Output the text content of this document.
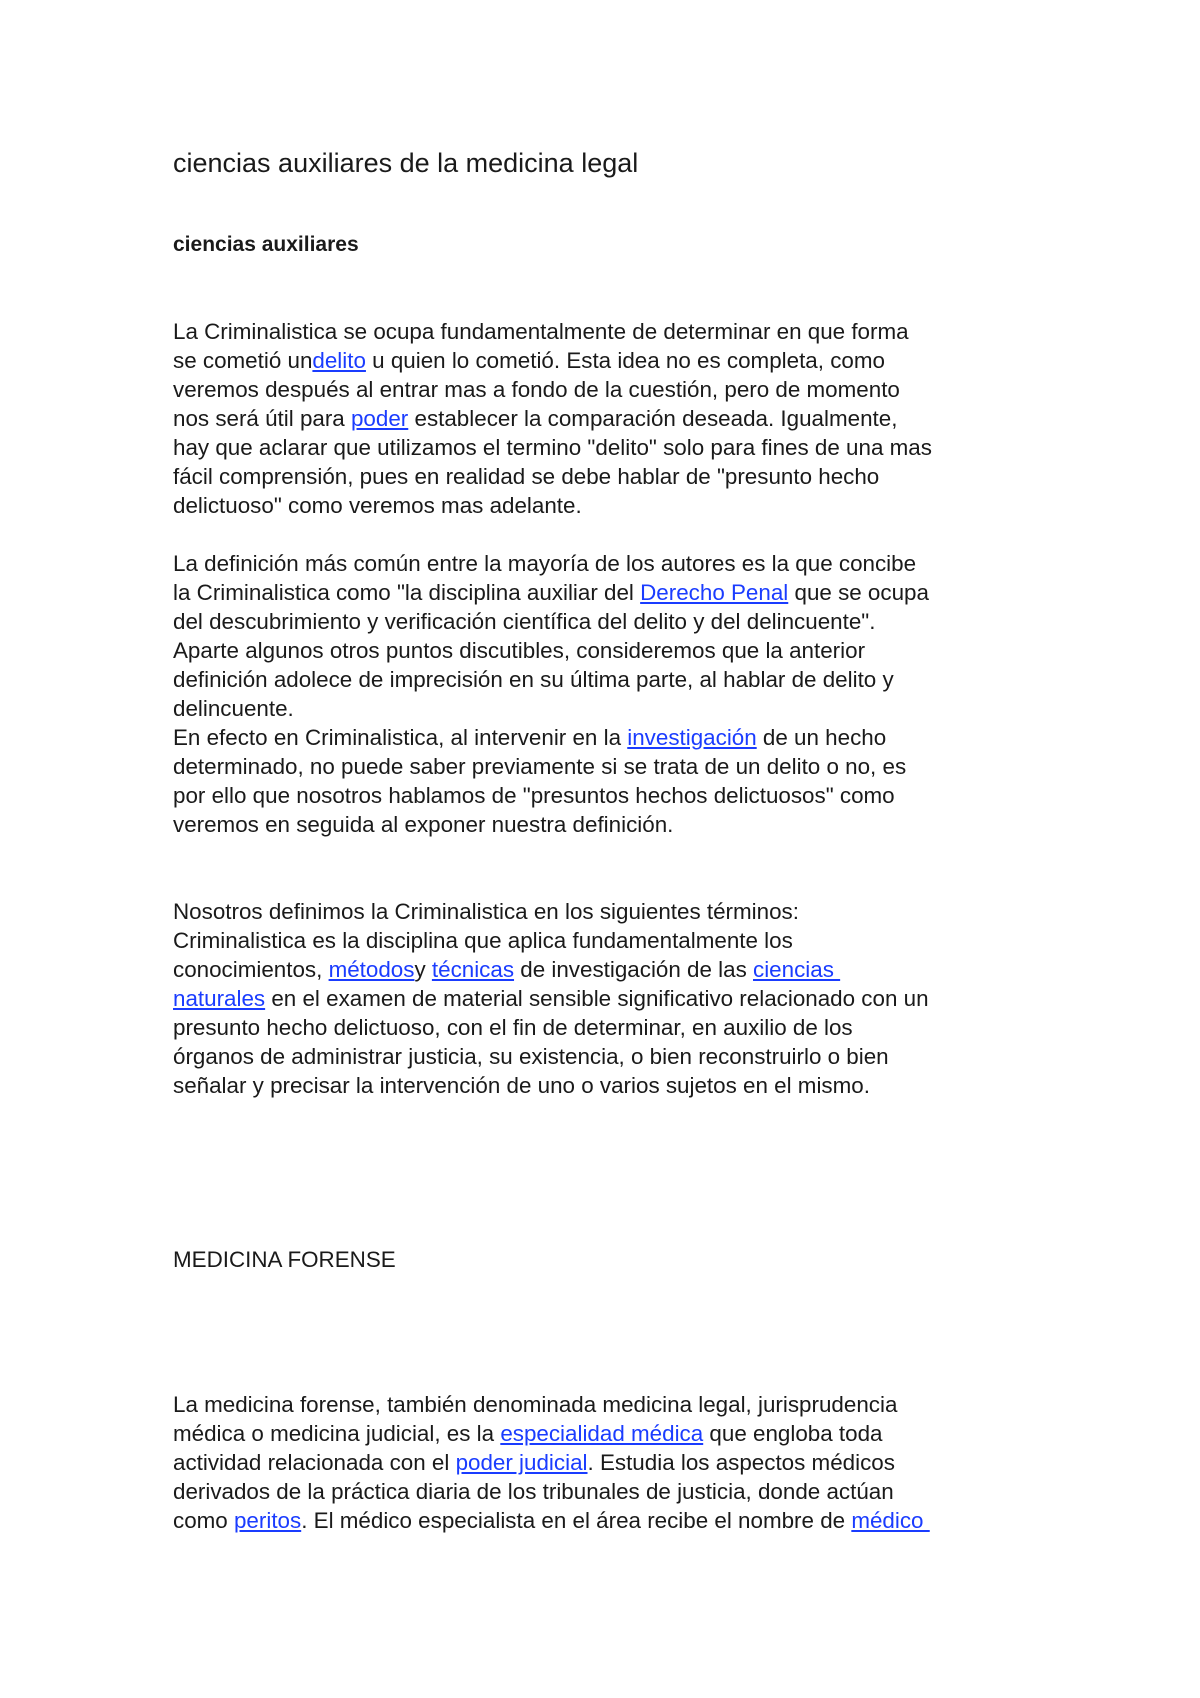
ciencias auxiliares de la medicina legal
ciencias auxiliares
La Criminalistica se ocupa fundamentalmente de determinar en que forma
se cometió undelito u quien lo cometió. Esta idea no es completa, como
veremos después al entrar mas a fondo de la cuestión, pero de momento
nos será útil para poder establecer la comparación deseada. Igualmente,
hay que aclarar que utilizamos el termino "delito" solo para fines de una mas
fácil comprensión, pues en realidad se debe hablar de "presunto hecho
delictuoso" como veremos mas adelante.
La definición más común entre la mayoría de los autores es la que concibe
la Criminalistica como "la disciplina auxiliar del Derecho Penal que se ocupa
del descubrimiento y verificación científica del delito y del delincuente".
Aparte algunos otros puntos discutibles, consideremos que la anterior
definición adolece de imprecisión en su última parte, al hablar de delito y
delincuente.
En efecto en Criminalistica, al intervenir en la investigación de un hecho
determinado, no puede saber previamente si se trata de un delito o no, es
por ello que nosotros hablamos de "presuntos hechos delictuosos" como
veremos en seguida al exponer nuestra definición.
Nosotros definimos la Criminalistica en los siguientes términos:
Criminalistica es la disciplina que aplica fundamentalmente los
conocimientos, métodosy técnicas de investigación de las ciencias
naturales en el examen de material sensible significativo relacionado con un
presunto hecho delictuoso, con el fin de determinar, en auxilio de los
órganos de administrar justicia, su existencia, o bien reconstruirlo o bien
señalar y precisar la intervención de uno o varios sujetos en el mismo.
MEDICINA FORENSE
La medicina forense, también denominada medicina legal, jurisprudencia
médica o medicina judicial, es la especialidad médica que engloba toda
actividad relacionada con el poder judicial. Estudia los aspectos médicos
derivados de la práctica diaria de los tribunales de justicia, donde actúan
como peritos. El médico especialista en el área recibe el nombre de médico
